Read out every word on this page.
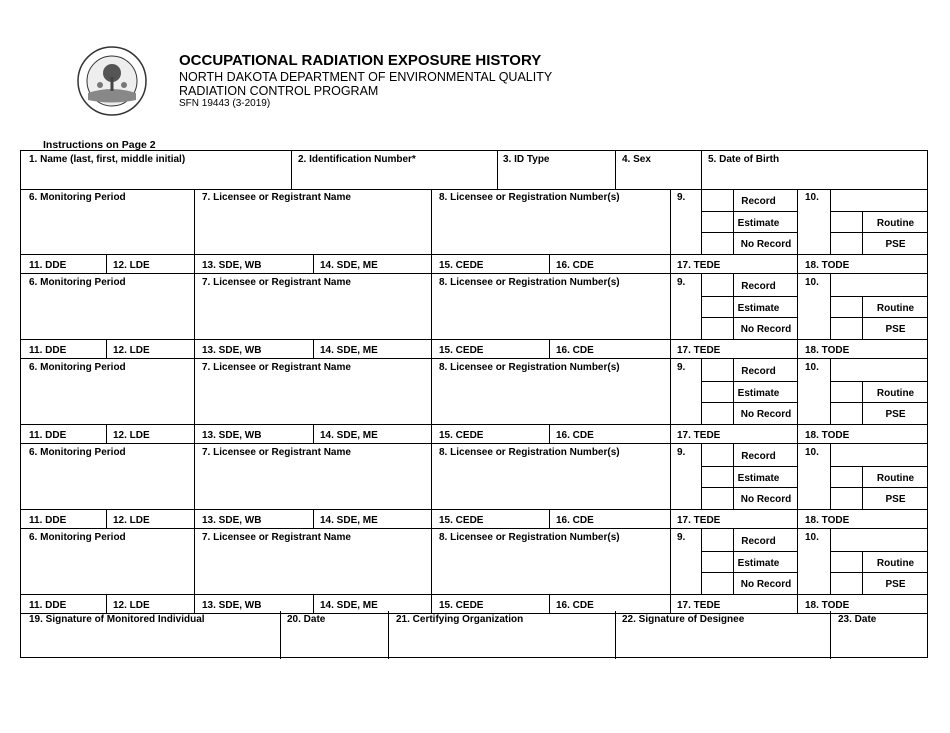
OCCUPATIONAL RADIATION EXPOSURE HISTORY
NORTH DAKOTA DEPARTMENT OF ENVIRONMENTAL QUALITY
RADIATION CONTROL PROGRAM
SFN 19443 (3-2019)
Instructions on Page 2
1. Name (last, first, middle initial)	2. Identification Number*	3. ID Type	4. Sex	5. Date of Birth
6. Monitoring Period	7. Licensee or Registrant Name	8. Licensee or Registration Number(s)	9.	10.
11. DDE	12. LDE	13. SDE, WB	14. SDE, ME	15. CEDE	16. CDE	17. TEDE	18. TODE
Record
Estimate
No Record
Routine
PSE
6. Monitoring Period	7. Licensee or Registrant Name	8. Licensee or Registration Number(s)	9.	10.
11. DDE	12. LDE	13. SDE, WB	14. SDE, ME	15. CEDE	16. CDE	17. TEDE	18. TODE
Record
Estimate
No Record
Routine
PSE
6. Monitoring Period	7. Licensee or Registrant Name	8. Licensee or Registration Number(s)	9.	10.
11. DDE	12. LDE	13. SDE, WB	14. SDE, ME	15. CEDE	16. CDE	17. TEDE	18. TODE
Record
Estimate
No Record
Routine
PSE
6. Monitoring Period	7. Licensee or Registrant Name	8. Licensee or Registration Number(s)	9.	10.
11. DDE	12. LDE	13. SDE, WB	14. SDE, ME	15. CEDE	16. CDE	17. TEDE	18. TODE
Record
Estimate
No Record
Routine
PSE
6. Monitoring Period	7. Licensee or Registrant Name	8. Licensee or Registration Number(s)	9.	10.
11. DDE	12. LDE	13. SDE, WB	14. SDE, ME	15. CEDE	16. CDE	17. TEDE	18. TODE
Record
Estimate
No Record
Routine
PSE
19. Signature of Monitored Individual	20. Date	21. Certifying Organization	22. Signature of Designee	23. Date
